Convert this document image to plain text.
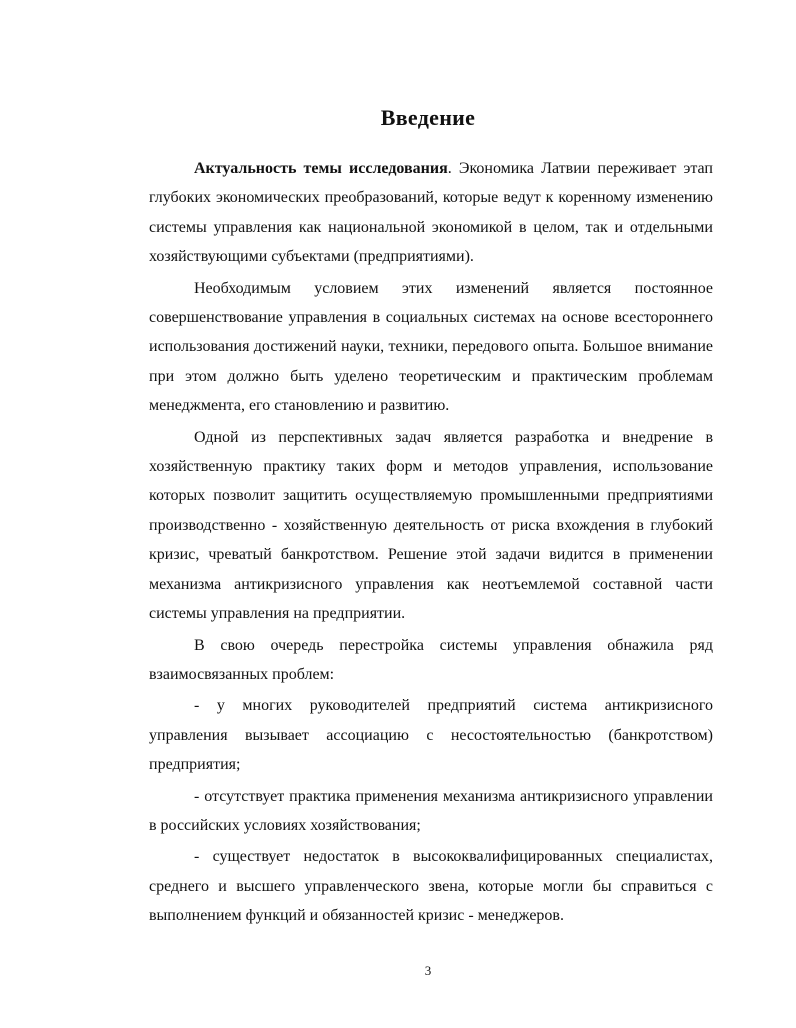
Введение

Актуальность темы исследования. Экономика Латвии переживает этап глубоких экономических преобразований, которые ведут к коренному изменению системы управления как национальной экономикой в целом, так и отдельными хозяйствующими субъектами (предприятиями).

Необходимым условием этих изменений является постоянное совершенствование управления в социальных системах на основе всестороннего использования достижений науки, техники, передового опыта. Большое внимание при этом должно быть уделено теоретическим и практическим проблемам менеджмента, его становлению и развитию.

Одной из перспективных задач является разработка и внедрение в хозяйственную практику таких форм и методов управления, использование которых позволит защитить осуществляемую промышленными предприятиями производственно - хозяйственную деятельность от риска вхождения в глубокий кризис, чреватый банкротством. Решение этой задачи видится в применении механизма антикризисного управления как неотъемлемой составной части системы управления на предприятии.

В свою очередь перестройка системы управления обнажила ряд взаимосвязанных проблем:

- у многих руководителей предприятий система антикризисного управления вызывает ассоциацию с несостоятельностью (банкротством) предприятия;

- отсутствует практика применения механизма антикризисного управлении в российских условиях хозяйствования;

- существует недостаток в высококвалифицированных специалистах, среднего и высшего управленческого звена, которые могли бы справиться с выполнением функций и обязанностей кризис - менеджеров.

3
